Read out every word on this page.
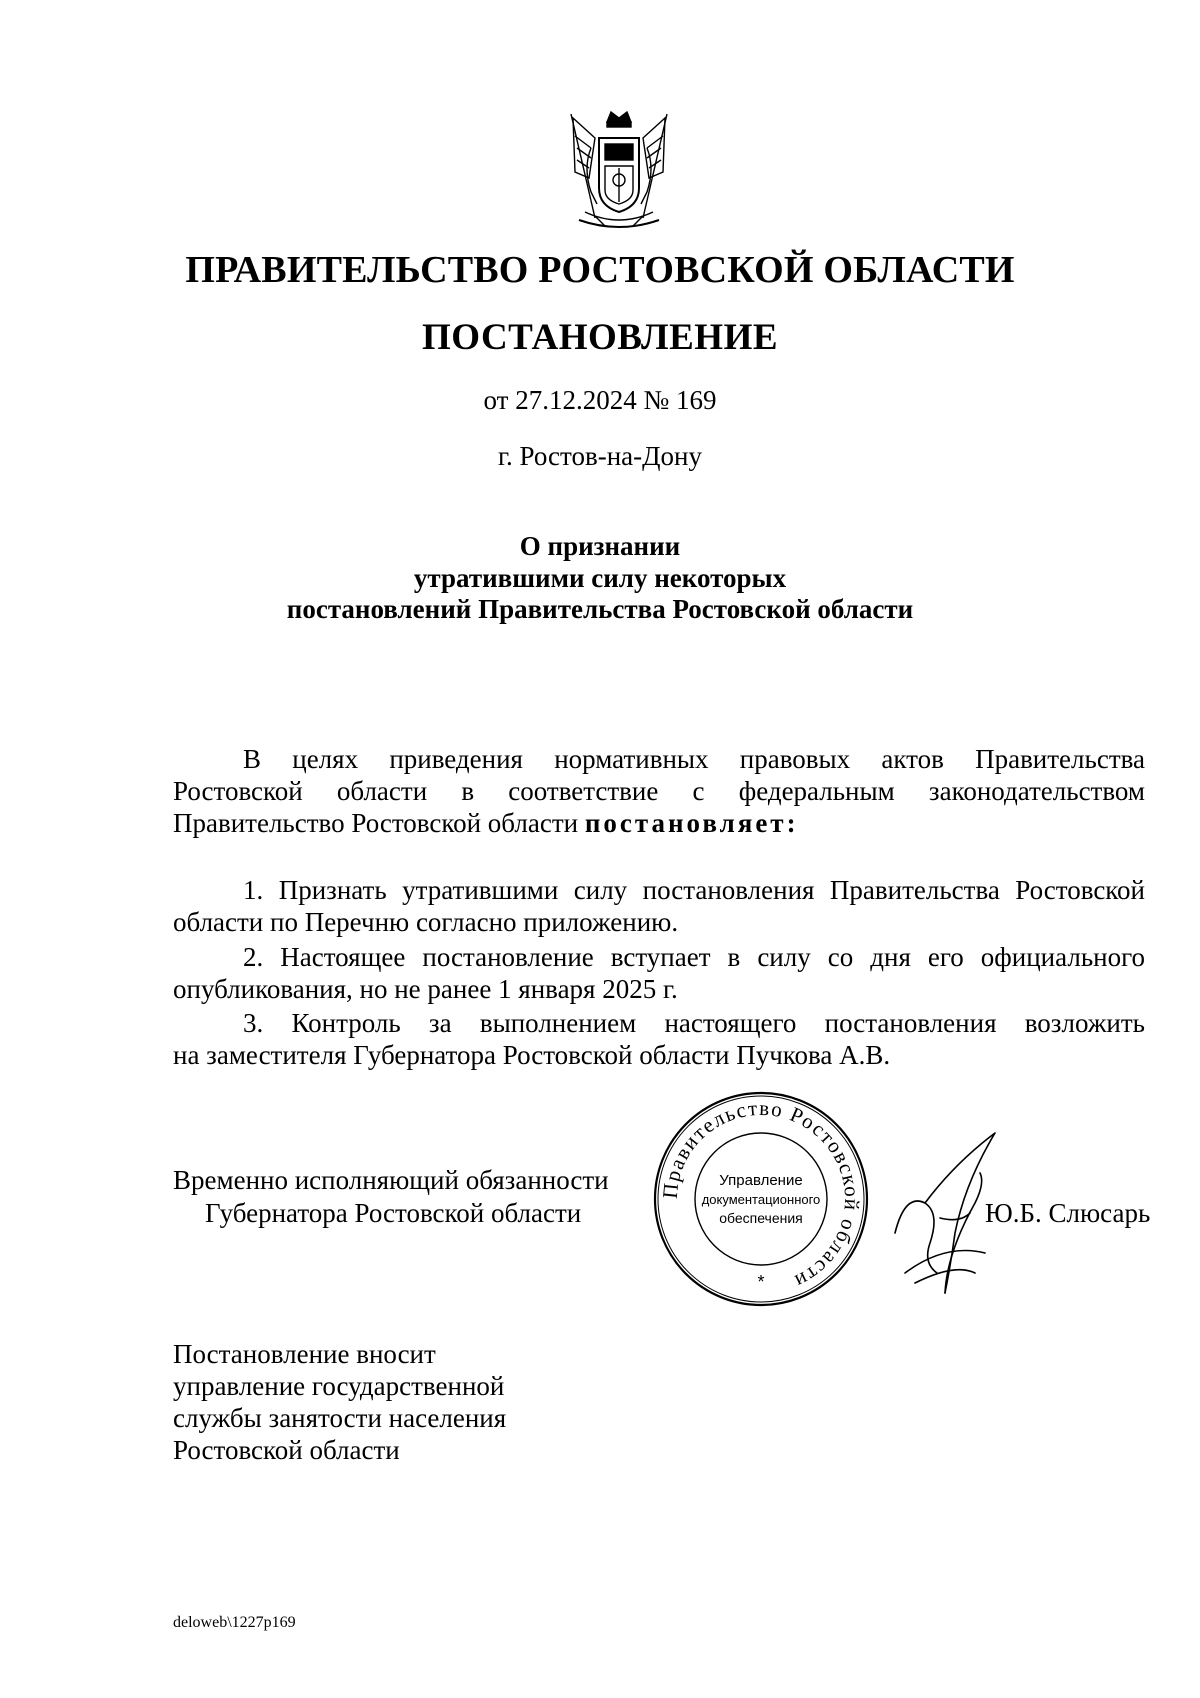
ПРАВИТЕЛЬСТВО РОСТОВСКОЙ ОБЛАСТИ
ПОСТАНОВЛЕНИЕ
от 27.12.2024 № 169
г. Ростов-на-Дону
О признании
утратившими силу некоторых
постановлений Правительства Ростовской области
В целях приведения нормативных правовых актов Правительства
Ростовской области в соответствие с федеральным законодательством
Правительство Ростовской области постановляет:
1. Признать утратившими силу постановления Правительства Ростовской
области по Перечню согласно приложению.
2. Настоящее постановление вступает в силу со дня его официального
опубликования, но не ранее 1 января 2025 г.
3. Контроль за выполнением настоящего постановления возложить
на заместителя Губернатора Ростовской области Пучкова А.В.
Временно исполняющий обязанности
Губернатора Ростовской области
Правительство Ростовской области
Управление
документационного
обеспечения
*
Ю.Б. Слюсарь
Постановление вносит
управление государственной
службы занятости населения
Ростовской области
deloweb\1227p169
